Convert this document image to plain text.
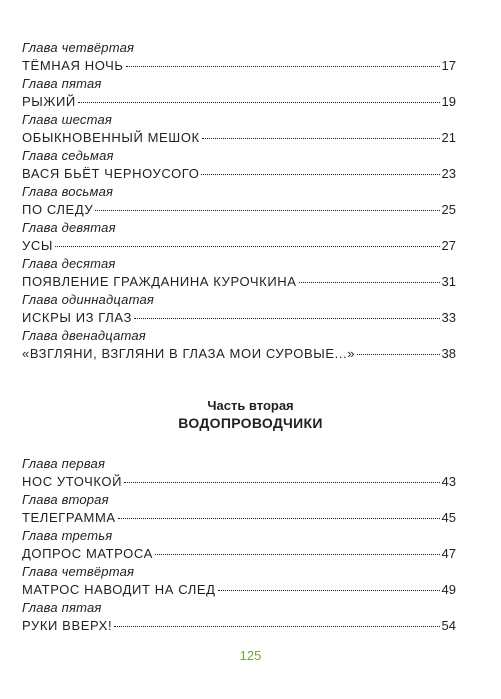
Глава четвёртая
ТЁМНАЯ НОЧЬ	17
Глава пятая
РЫЖИЙ	19
Глава шестая
ОБЫКНОВЕННЫЙ МЕШОК	21
Глава седьмая
ВАСЯ БЬЁТ ЧЕРНОУСОГО	23
Глава восьмая
ПО СЛЕДУ	25
Глава девятая
УСЫ	27
Глава десятая
ПОЯВЛЕНИЕ ГРАЖДАНИНА КУРОЧКИНА	31
Глава одиннадцатая
ИСКРЫ ИЗ ГЛАЗ	33
Глава двенадцатая
«ВЗГЛЯНИ, ВЗГЛЯНИ В ГЛАЗА МОИ СУРОВЫЕ...»	38
Часть вторая
ВОДОПРОВОДЧИКИ
Глава первая
НОС УТОЧКОЙ	43
Глава вторая
ТЕЛЕГРАММА	45
Глава третья
ДОПРОС МАТРОСА	47
Глава четвёртая
МАТРОС НАВОДИТ НА СЛЕД	49
Глава пятая
РУКИ ВВЕРХ!	54
125
